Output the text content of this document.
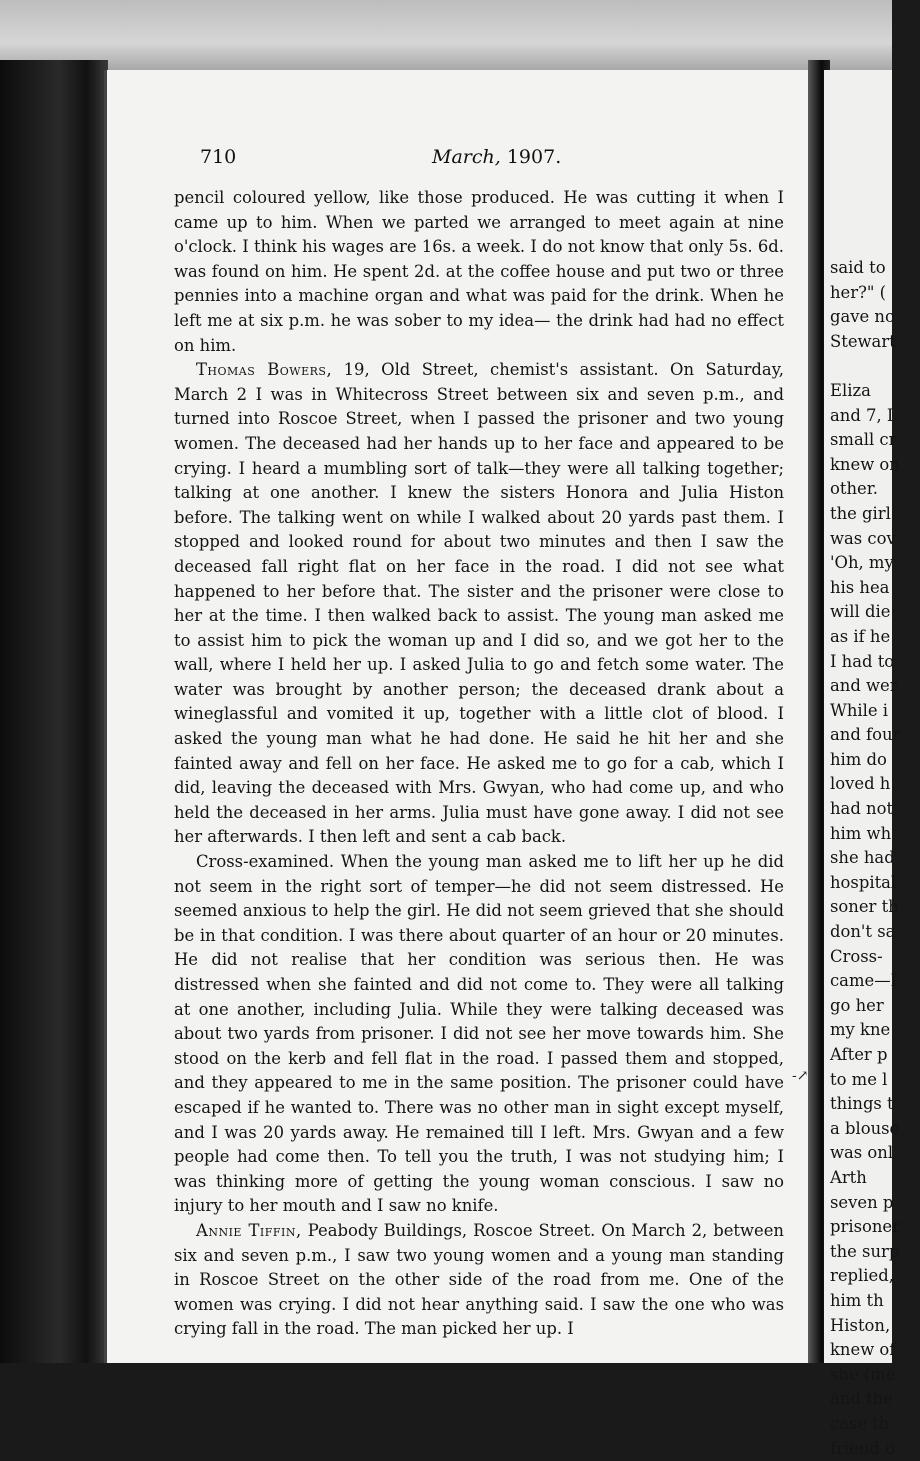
710	March, 1907.

pencil coloured yellow, like those produced. He was cutting it when I came up to him. When we parted we arranged to meet again at nine o'clock. I think his wages are 16s. a week. I do not know that only 5s. 6d. was found on him. He spent 2d. at the coffee house and put two or three pennies into a machine organ and what was paid for the drink. When he left me at six p.m. he was sober to my idea— the drink had had no effect on him.

Thomas Bowers, 19, Old Street, chemist's assistant. On Saturday, March 2 I was in Whitecross Street between six and seven p.m., and turned into Roscoe Street, when I passed the prisoner and two young women. The deceased had her hands up to her face and appeared to be crying. I heard a mumbling sort of talk—they were all talking together; talking at one another. I knew the sisters Honora and Julia Histon before. The talking went on while I walked about 20 yards past them. I stopped and looked round for about two minutes and then I saw the deceased fall right flat on her face in the road. I did not see what happened to her before that. The sister and the prisoner were close to her at the time. I then walked back to assist. The young man asked me to assist him to pick the woman up and I did so, and we got her to the wall, where I held her up. I asked Julia to go and fetch some water. The water was brought by another person; the deceased drank about a wineglassful and vomited it up, together with a little clot of blood. I asked the young man what he had done. He said he hit her and she fainted away and fell on her face. He asked me to go for a cab, which I did, leaving the deceased with Mrs. Gwyan, who had come up, and who held the deceased in her arms. Julia must have gone away. I did not see her afterwards. I then left and sent a cab back.

Cross-examined. When the young man asked me to lift her up he did not seem in the right sort of temper—he did not seem distressed. He seemed anxious to help the girl. He did not seem grieved that she should be in that condition. I was there about quarter of an hour or 20 minutes. He did not realise that her condition was serious then. He was distressed when she fainted and did not come to. They were all talking at one another, including Julia. While they were talking deceased was about two yards from prisoner. I did not see her move towards him. She stood on the kerb and fell flat in the road. I passed them and stopped, and they appeared to me in the same position. The prisoner could have escaped if he wanted to. There was no other man in sight except myself, and I was 20 yards away. He remained till I left. Mrs. Gwyan and a few people had come then. To tell you the truth, I was not studying him; I was thinking more of getting the young woman conscious. I saw no injury to her mouth and I saw no knife.

Annie Tiffin, Peabody Buildings, Roscoe Street. On March 2, between six and seven p.m., I saw two young women and a young man standing in Roscoe Street on the other side of the road from me. One of the women was crying. I did not hear anything said. I saw the one who was crying fall in the road. The man picked her up. I

-↗
said to
her?" (
gave no
Stewart
Eliza
and 7, I
small cr
knew on
other.
the girl
was cov
'Oh, my
his hea
will die
as if he
I had to
and wer
While i
and four
him do
loved h
had not
him wh
she had
hospital
soner th
don't sa
Cross-
came—I
go her
my kne
After p
to me l
things t
a blouse
was onl
Arth
seven p
prisoner
the surp
replied,
him th
Histon,
knew of
she (me
and the
case th
friend o
